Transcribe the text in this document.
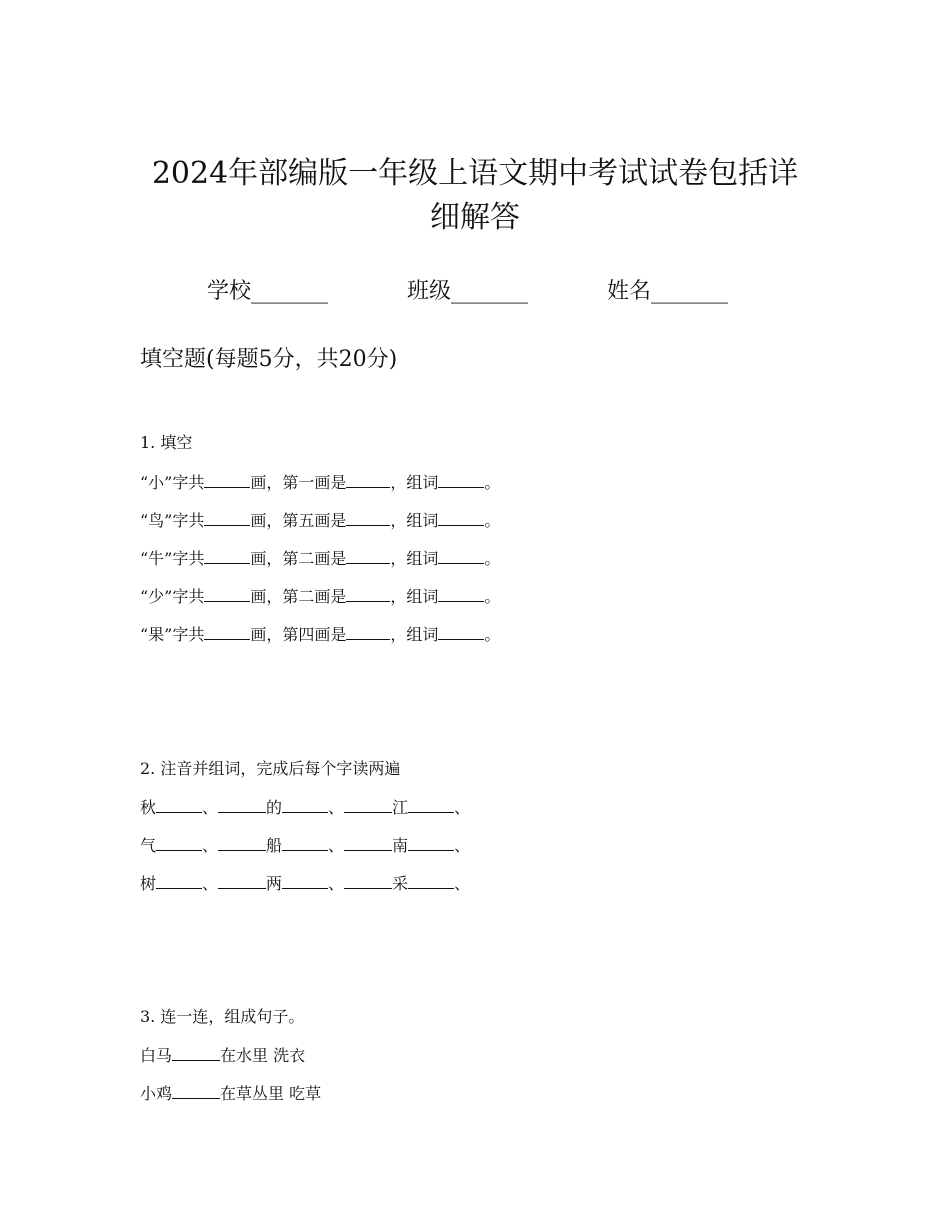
2024年部编版一年级上语文期中考试试卷包括详
细解答
学校_______	班级_______	姓名_______
填空题(每题5分，共20分)
1. 填空
“小”字共	画，第一画是	，组词	。
“鸟”字共	画，第五画是	，组词	。
“牛”字共	画，第二画是	，组词	。
“少”字共	画，第二画是	，组词	。
“果”字共	画，第四画是	，组词	。
2. 注音并组词，完成后每个字读两遍
秋	、	的	、	江	、
气	、	船	、	南	、
树	、	两	、	采	、
3. 连一连，组成句子。
白马	在水里 洗衣
小鸡	在草丛里 吃草
